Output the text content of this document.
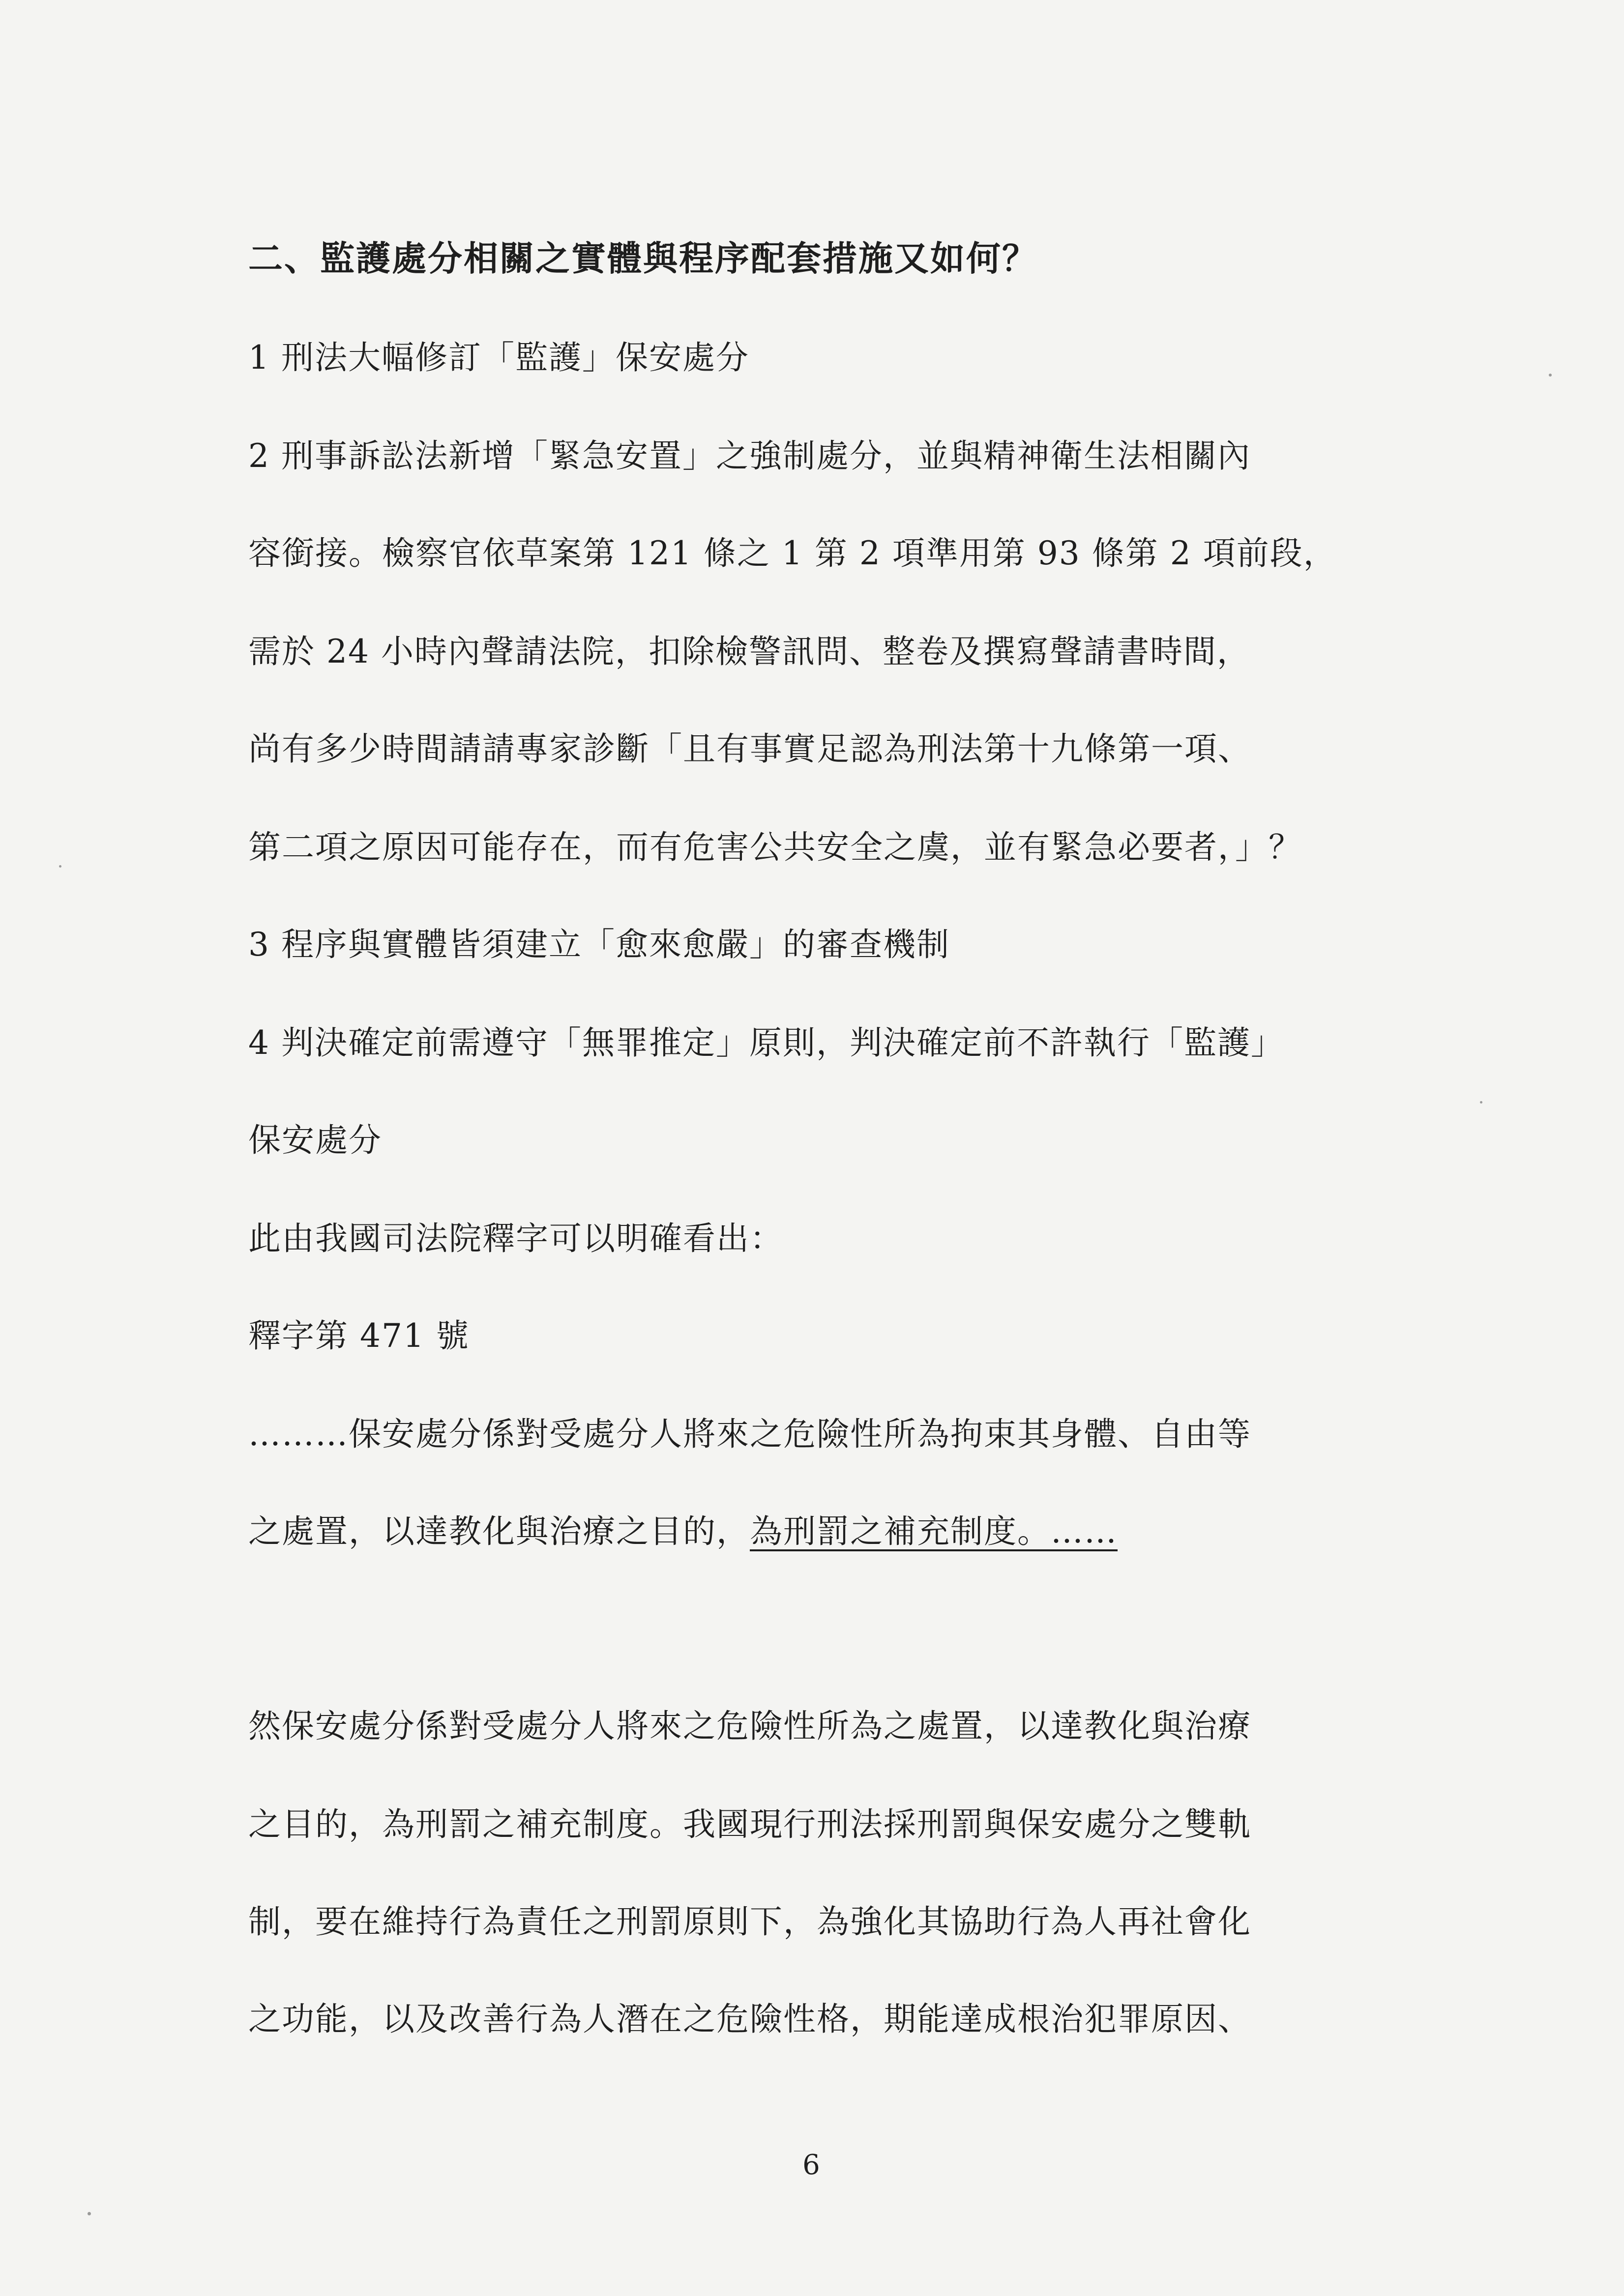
二、監護處分相關之實體與程序配套措施又如何？
1 刑法大幅修訂「監護」保安處分
2 刑事訴訟法新增「緊急安置」之強制處分，並與精神衛生法相關內
容銜接。檢察官依草案第 121 條之 1 第 2 項準用第 93 條第 2 項前段，
需於 24 小時內聲請法院，扣除檢警訊問、整卷及撰寫聲請書時間，
尚有多少時間請請專家診斷「且有事實足認為刑法第十九條第一項、
第二項之原因可能存在，而有危害公共安全之虞，並有緊急必要者，」？
3 程序與實體皆須建立「愈來愈嚴」的審查機制
4 判決確定前需遵守「無罪推定」原則，判決確定前不許執行「監護」
保安處分
此由我國司法院釋字可以明確看出：
釋字第 471 號
………保安處分係對受處分人將來之危險性所為拘束其身體、自由等
之處置，以達教化與治療之目的，為刑罰之補充制度。……
然保安處分係對受處分人將來之危險性所為之處置，以達教化與治療
之目的，為刑罰之補充制度。我國現行刑法採刑罰與保安處分之雙軌
制，要在維持行為責任之刑罰原則下，為強化其協助行為人再社會化
之功能，以及改善行為人潛在之危險性格，期能達成根治犯罪原因、
6
